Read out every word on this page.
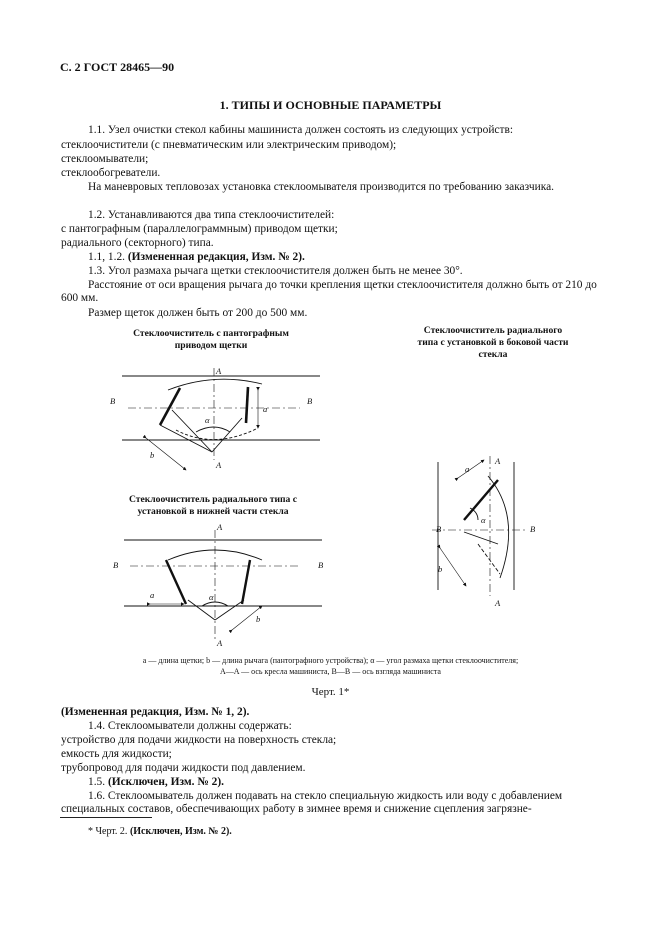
С. 2 ГОСТ 28465—90
1. ТИПЫ И ОСНОВНЫЕ ПАРАМЕТРЫ
1.1. Узел очистки стекол кабины машиниста должен состоять из следующих устройств:
стеклоочистители (с пневматическим или электрическим приводом);
стеклоомыватели;
стеклообогреватели.
На маневровых тепловозах установка стеклоомывателя производится по требованию заказчика.
1.2. Устанавливаются два типа стеклоочистителей:
с пантографным (параллелограммным) приводом щетки;
радиального (секторного) типа.
1.1, 1.2. (Измененная редакция, Изм. № 2).
1.3. Угол размаха рычага щетки стеклоочистителя должен быть не менее 30°.
Расстояние от оси вращения рычага до точки крепления щетки стеклоочистителя должно быть от 210 до 600 мм.
Размер щеток должен быть от 200 до 500 мм.
Стеклоочиститель с пантографным приводом щетки
Стеклоочиститель радиального типа с установкой в боковой части стекла
Стеклоочиститель радиального типа с установкой в нижней части стекла
B	B
A
A
α
a
b
A
A
B	B
α
a
b
A
A
B	B
α
a
b
a — длина щетки; b — длина рычага (пантографного устройства); α — угол размаха щетки стеклоочистителя;
A—A — ось кресла машиниста, B—B — ось взгляда машиниста
Черт. 1*
(Измененная редакция, Изм. № 1, 2).
1.4. Стеклоомыватели должны содержать:
устройство для подачи жидкости на поверхность стекла;
емкость для жидкости;
трубопровод для подачи жидкости под давлением.
1.5. (Исключен, Изм. № 2).
1.6. Стеклоомыватель должен подавать на стекло специальную жидкость или воду с добавлением специальных составов, обеспечивающих работу в зимнее время и снижение сцепления загрязне-
* Черт. 2. (Исключен, Изм. № 2).
